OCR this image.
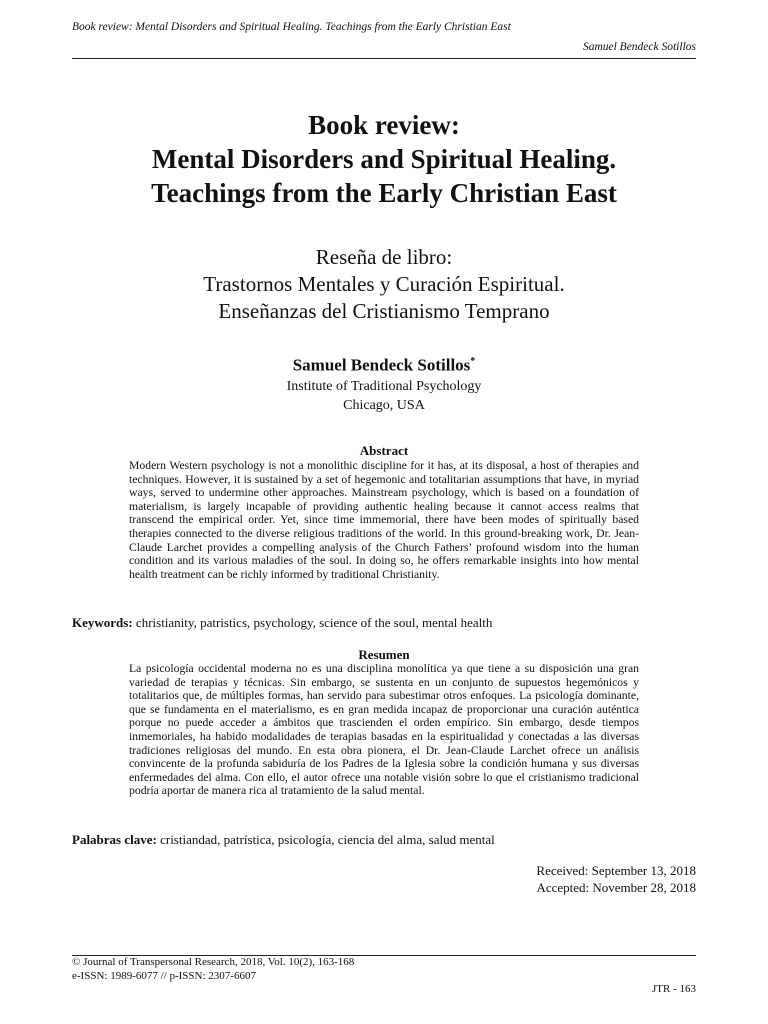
Book review: Mental Disorders and Spiritual Healing. Teachings from the Early Christian East
Samuel Bendeck Sotillos
Book review:
Mental Disorders and Spiritual Healing.
Teachings from the Early Christian East
Reseña de libro:
Trastornos Mentales y Curación Espiritual.
Enseñanzas del Cristianismo Temprano
Samuel Bendeck Sotillos*
Institute of Traditional Psychology
Chicago, USA
Abstract
Modern Western psychology is not a monolithic discipline for it has, at its disposal, a host of therapies and techniques. However, it is sustained by a set of hegemonic and totalitarian assumptions that have, in myriad ways, served to undermine other approaches. Mainstream psychology, which is based on a foundation of materialism, is largely incapable of providing authentic healing because it cannot access realms that transcend the empirical order. Yet, since time immemorial, there have been modes of spiritually based therapies connected to the diverse religious traditions of the world. In this ground-breaking work, Dr. Jean-Claude Larchet provides a compelling analysis of the Church Fathers’ profound wisdom into the human condition and its various maladies of the soul. In doing so, he offers remarkable insights into how mental health treatment can be richly informed by traditional Christianity.
Keywords: christianity, patristics, psychology, science of the soul, mental health
Resumen
La psicología occidental moderna no es una disciplina monolítica ya que tiene a su disposición una gran variedad de terapias y técnicas. Sin embargo, se sustenta en un conjunto de supuestos hegemónicos y totalitarios que, de múltiples formas, han servido para subestimar otros enfoques. La psicología dominante, que se fundamenta en el materialismo, es en gran medida incapaz de proporcionar una curación auténtica porque no puede acceder a ámbitos que trascienden el orden empírico. Sin embargo, desde tiempos inmemoriales, ha habido modalidades de terapias basadas en la espiritualidad y conectadas a las diversas tradiciones religiosas del mundo. En esta obra pionera, el Dr. Jean-Claude Larchet ofrece un análisis convincente de la profunda sabiduría de los Padres de la Iglesia sobre la condición humana y sus diversas enfermedades del alma. Con ello, el autor ofrece una notable visión sobre lo que el cristianismo tradicional podría aportar de manera rica al tratamiento de la salud mental.
Palabras clave: cristiandad, patrística, psicología, ciencia del alma, salud mental
Received: September 13, 2018
Accepted: November 28, 2018
© Journal of Transpersonal Research, 2018, Vol. 10(2), 163-168
e-ISSN: 1989-6077 // p-ISSN: 2307-6607
JTR - 163
